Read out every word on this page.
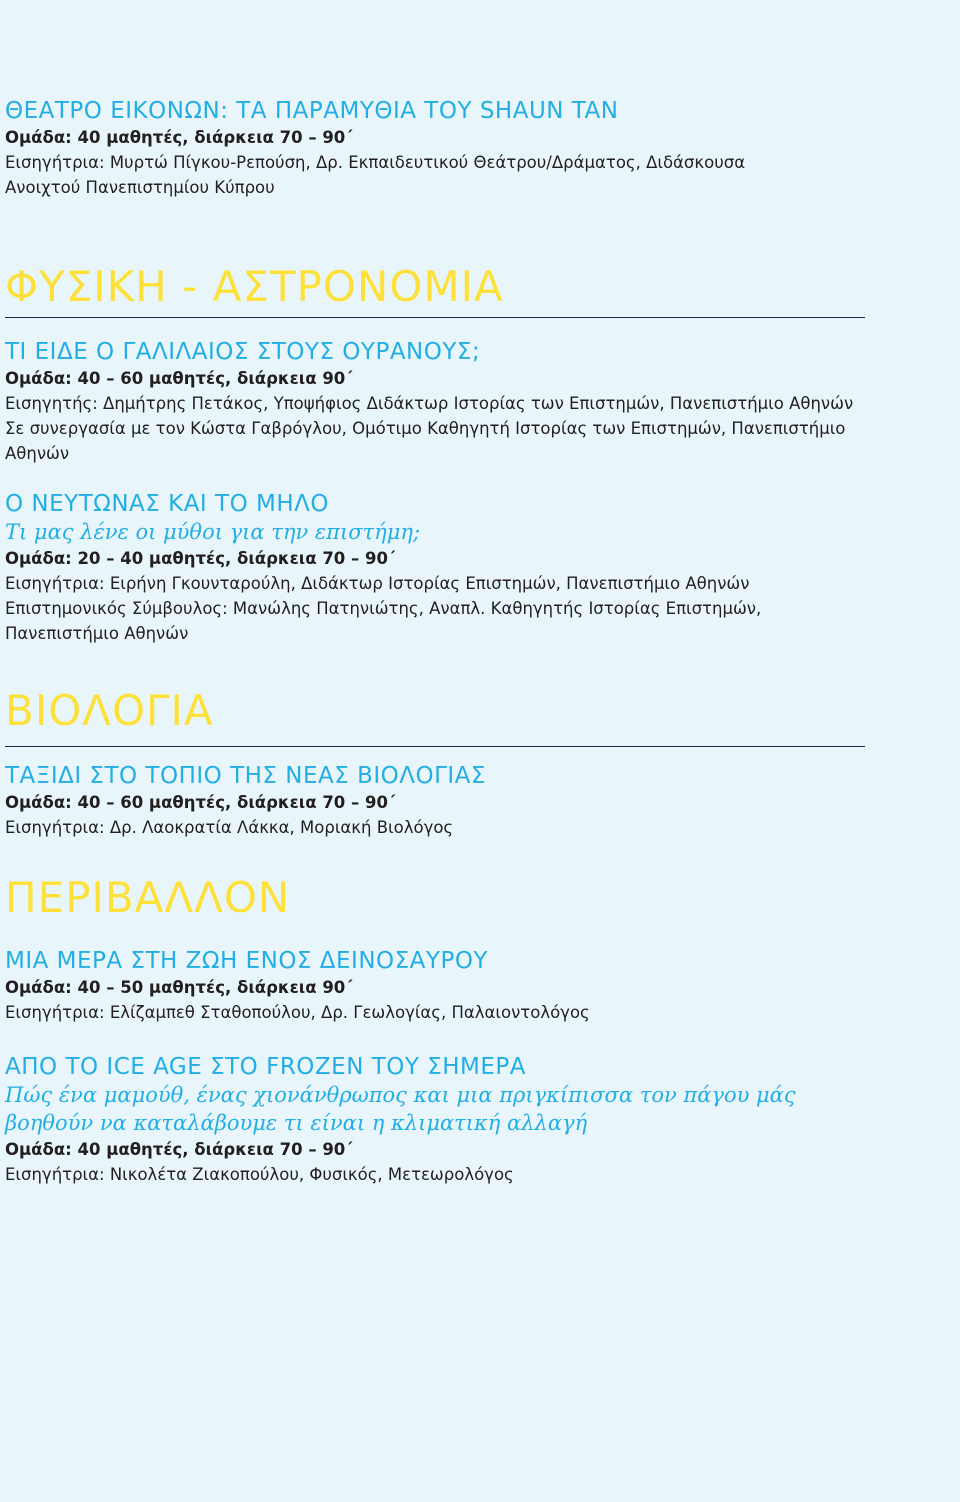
ΘΕΑΤΡΟ ΕΙΚΟΝΩΝ: ΤΑ ΠΑΡΑΜΥΘΙΑ ΤΟΥ SHAUN TAN
Ομάδα: 40 μαθητές, διάρκεια 70 – 90΄
Εισηγήτρια: Μυρτώ Πίγκου-Ρεπούση, Δρ. Εκπαιδευτικού Θεάτρου/Δράματος, Διδάσκουσα
Ανοιχτού Πανεπιστημίου Κύπρου
ΦΥΣΙΚΗ - ΑΣΤΡΟΝΟΜΙΑ
ΤΙ ΕΙΔΕ Ο ΓΑΛΙΛΑΙΟΣ ΣΤΟΥΣ ΟΥΡΑΝΟΥΣ;
Ομάδα: 40 – 60 μαθητές, διάρκεια 90΄
Εισηγητής: Δημήτρης Πετάκος, Υποψήφιος Διδάκτωρ Ιστορίας των Επιστημών, Πανεπιστήμιο Αθηνών
Σε συνεργασία με τον Κώστα Γαβρόγλου, Ομότιμο Καθηγητή Ιστορίας των Επιστημών, Πανεπιστήμιο
Αθηνών
Ο ΝΕΥΤΩΝΑΣ ΚΑΙ ΤΟ ΜΗΛΟ
Τι μας λένε οι μύθοι για την επιστήμη;
Ομάδα: 20 – 40 μαθητές, διάρκεια 70 – 90΄
Εισηγήτρια: Ειρήνη Γκουνταρούλη, Διδάκτωρ Ιστορίας Επιστημών, Πανεπιστήμιο Αθηνών
Επιστημονικός Σύμβουλος: Μανώλης Πατηνιώτης, Αναπλ. Καθηγητής Ιστορίας Επιστημών,
Πανεπιστήμιο Αθηνών
ΒΙΟΛΟΓΙΑ
ΤΑΞΙΔΙ ΣΤΟ ΤΟΠΙΟ ΤΗΣ ΝΕΑΣ ΒΙΟΛΟΓΙΑΣ
Ομάδα: 40 – 60 μαθητές, διάρκεια 70 – 90΄
Εισηγήτρια: Δρ. Λαοκρατία Λάκκα, Μοριακή Βιολόγος
ΠΕΡΙΒΑΛΛΟΝ
ΜΙΑ ΜΕΡΑ ΣΤΗ ΖΩΗ ΕΝΟΣ ΔΕΙΝΟΣΑΥΡΟΥ
Ομάδα: 40 – 50 μαθητές, διάρκεια 90΄
Εισηγήτρια: Ελίζαμπεθ Σταθοπούλου, Δρ. Γεωλογίας, Παλαιοντολόγος
ΑΠΟ ΤΟ ICE AGE ΣΤΟ FROZEN ΤΟΥ ΣΗΜΕΡΑ
Πώς ένα μαμούθ, ένας χιονάνθρωπος και μια πριγκίπισσα τον πάγου μάς
βοηθούν να καταλάβουμε τι είναι η κλιματική αλλαγή
Ομάδα: 40 μαθητές, διάρκεια 70 – 90΄
Εισηγήτρια: Νικολέτα Ζιακοπούλου, Φυσικός, Μετεωρολόγος
